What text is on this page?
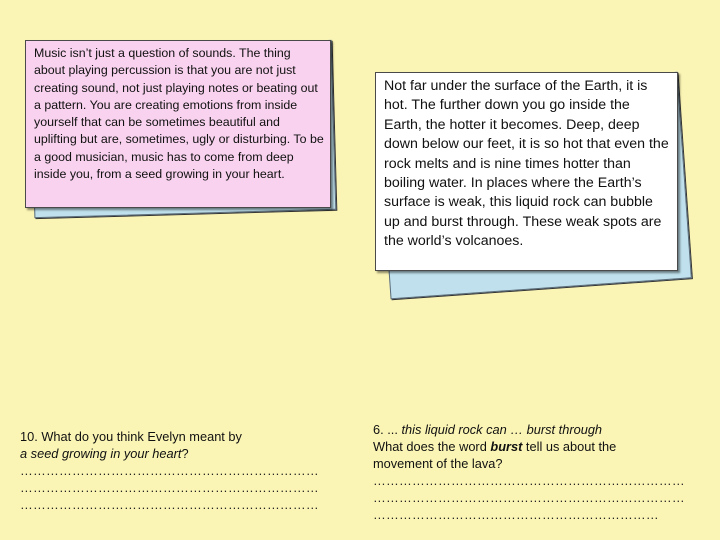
Music isn’t just a question of sounds. The thing about playing percussion is that you are not just creating sound, not just playing notes or beating out a pattern. You are creating emotions from inside yourself that can be sometimes beautiful and uplifting but are, sometimes, ugly or disturbing. To be a good musician, music has to come from deep inside you, from a seed growing in your heart.

Not far under the surface of the Earth, it is hot. The further down you go inside the Earth, the hotter it becomes. Deep, deep down below our feet, it is so hot that even the rock melts and is nine times hotter than boiling water. In places where the Earth’s surface is weak, this liquid rock can bubble up and burst through. These weak spots are the world’s volcanoes.

10. What do you think Evelyn meant by
a seed growing in your heart?
……………………………………………………………
……………………………………………………………
……………………………………………………………
6. ... this liquid rock can … burst through
What does the word burst tell us about the
movement of the lava?
………………………………………………………………
………………………………………………………………
…………………………………………………………
